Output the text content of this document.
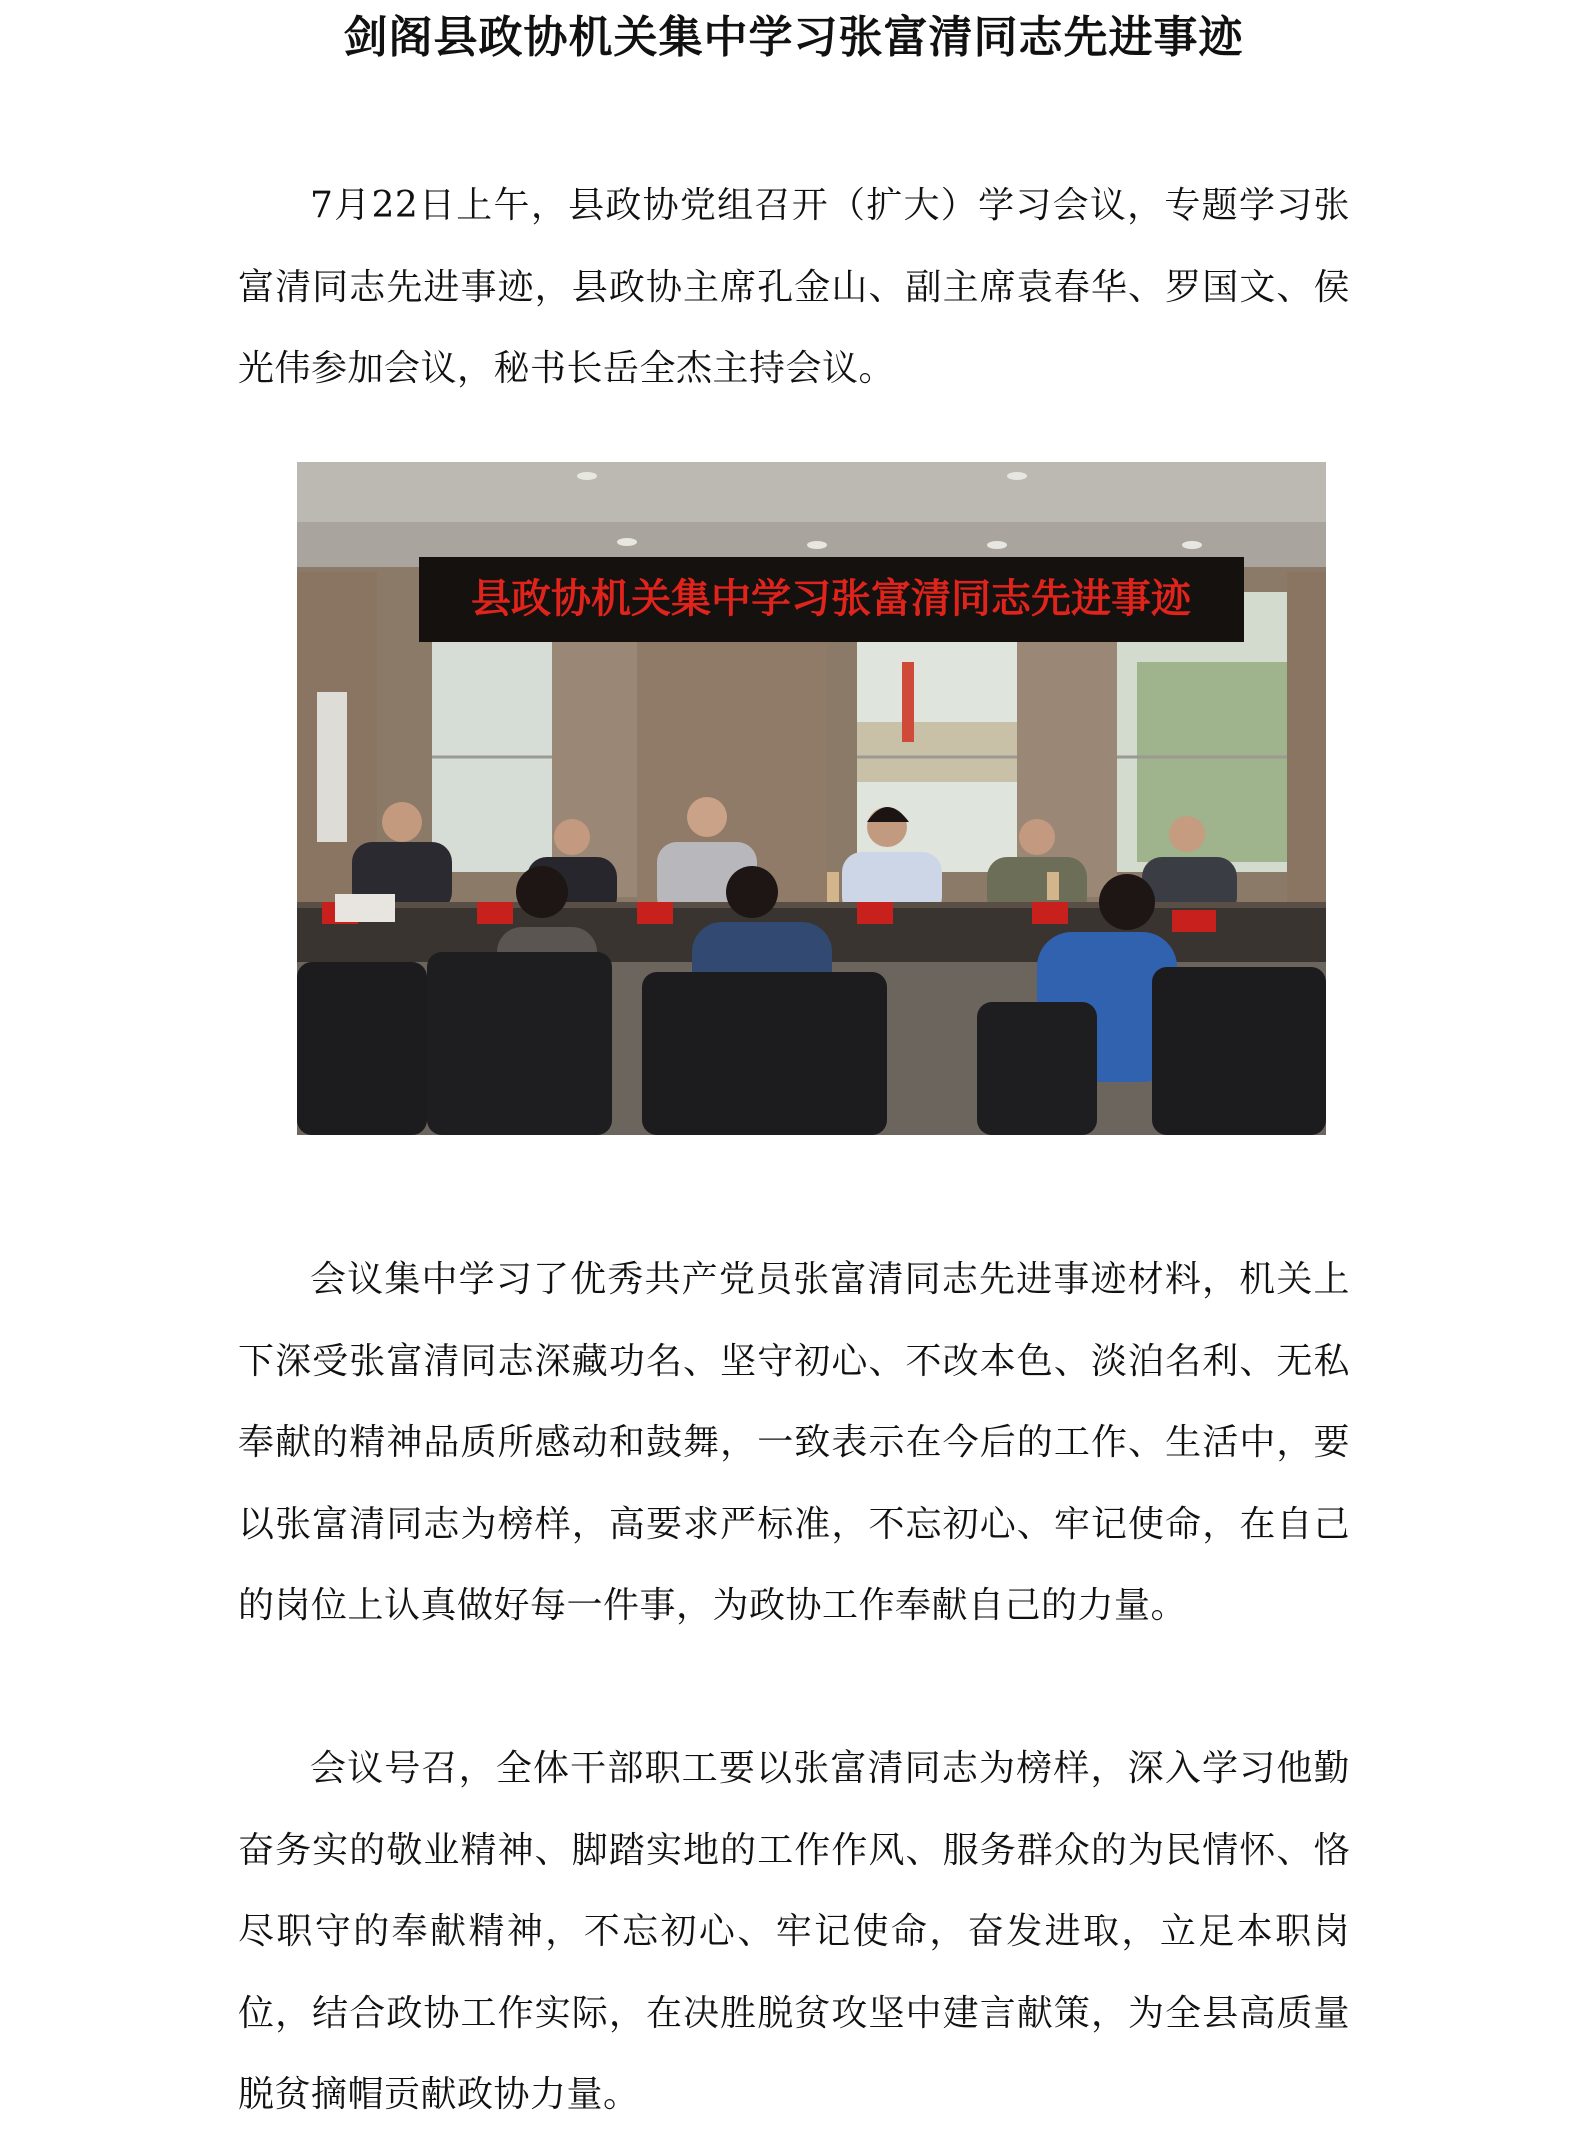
剑阁县政协机关集中学习张富清同志先进事迹

7月22日上午，县政协党组召开（扩大）学习会议，专题学习张富清同志先进事迹，县政协主席孔金山、副主席袁春华、罗国文、侯光伟参加会议，秘书长岳全杰主持会议。

县政协机关集中学习张富清同志先进事迹

会议集中学习了优秀共产党员张富清同志先进事迹材料，机关上下深受张富清同志深藏功名、坚守初心、不改本色、淡泊名利、无私奉献的精神品质所感动和鼓舞，一致表示在今后的工作、生活中，要以张富清同志为榜样，高要求严标准，不忘初心、牢记使命，在自己的岗位上认真做好每一件事，为政协工作奉献自己的力量。

会议号召，全体干部职工要以张富清同志为榜样，深入学习他勤奋务实的敬业精神、脚踏实地的工作作风、服务群众的为民情怀、恪尽职守的奉献精神，不忘初心、牢记使命，奋发进取，立足本职岗位，结合政协工作实际，在决胜脱贫攻坚中建言献策，为全县高质量脱贫摘帽贡献政协力量。
